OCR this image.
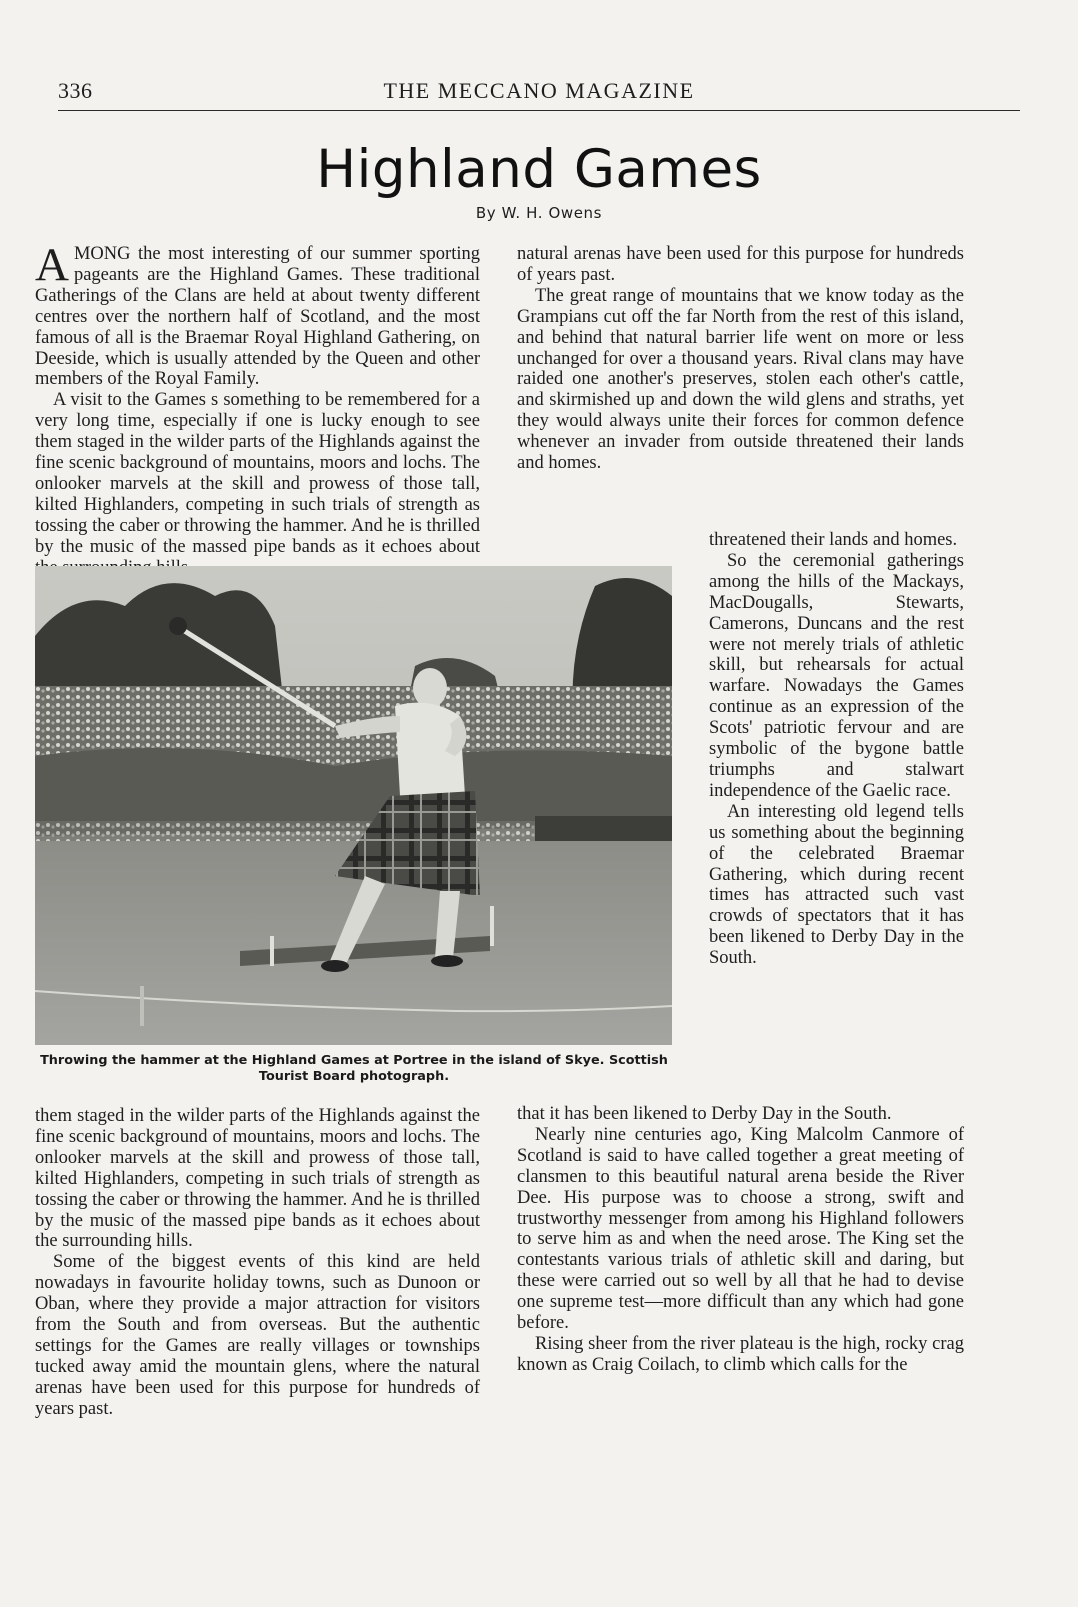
336	THE MECCANO MAGAZINE
Highland Games
By W. H. Owens

AMONG the most interesting of our summer sporting pageants are the Highland Games. These traditional Gatherings of the Clans are held at about twenty different centres over the northern half of Scotland, and the most famous of all is the Braemar Royal Highland Gathering, on Deeside, which is usually attended by the Queen and other members of the Royal Family.

A visit to the Games s something to be remembered for a very long time, especially if one is lucky enough to see them staged in the wilder parts of the Highlands against the fine scenic background of mountains, moors and lochs. The onlooker marvels at the skill and prowess of those tall, kilted Highlanders, competing in such trials of strength as tossing the caber or throwing the hammer. And he is thrilled by the music of the massed pipe bands as it echoes about

Throwing the hammer at the Highland Games at Portree in the island of Skye. Scottish Tourist Board photograph.

them staged in the wilder parts of the Highlands against the fine scenic background of mountains, moors and lochs. The onlooker marvels at the skill and prowess of those tall, kilted Highlanders, competing in such trials of strength as tossing the caber or throwing the hammer. And he is thrilled by the music of the massed pipe bands as it echoes about the surrounding hills.

Some of the biggest events of this kind are held nowadays in favourite holiday towns, such as Dunoon or Oban, where they provide a major attraction for visitors from the South and from overseas. But the authentic settings for the Games are really villages or townships tucked away amid the mountain glens, where the natural arenas have been used for this purpose for hundreds of years past.

natural arenas have been used for this purpose for hundreds of years past.

The great range of mountains that we know today as the Grampians cut off the far North from the rest of this island, and behind that natural barrier life went on more or less unchanged for over a thousand years. Rival clans may have raided one another's preserves, stolen each other's cattle, and skirmished up and down the wild glens and straths, yet they would always unite their forces for common defence whenever an invader from outside threatened their lands and homes.

threatened their lands and homes.

So the ceremonial gatherings among the hills of the Mackays, MacDougalls, Stewarts, Camerons, Duncans and the rest were not merely trials of athletic skill, but rehearsals for actual warfare. Nowadays the Games continue as an expression of the Scots' patriotic fervour and are symbolic of the bygone battle triumphs and stalwart independence of the Gaelic race.

An interesting old legend tells us something about the beginning of the celebrated Braemar Gathering, which during recent times has attracted such vast crowds of spectators that it has been likened to Derby Day in the South.

that it has been likened to Derby Day in the South.

Nearly nine centuries ago, King Malcolm Canmore of Scotland is said to have called together a great meeting of clansmen to this beautiful natural arena beside the River Dee. His purpose was to choose a strong, swift and trustworthy messenger from among his Highland followers to serve him as and when the need arose. The King set the contestants various trials of athletic skill and daring, but these were carried out so well by all that he had to devise one supreme test—more difficult than any which had gone before.

Rising sheer from the river plateau is the high, rocky crag known as Craig Coilach, to climb which calls for the
